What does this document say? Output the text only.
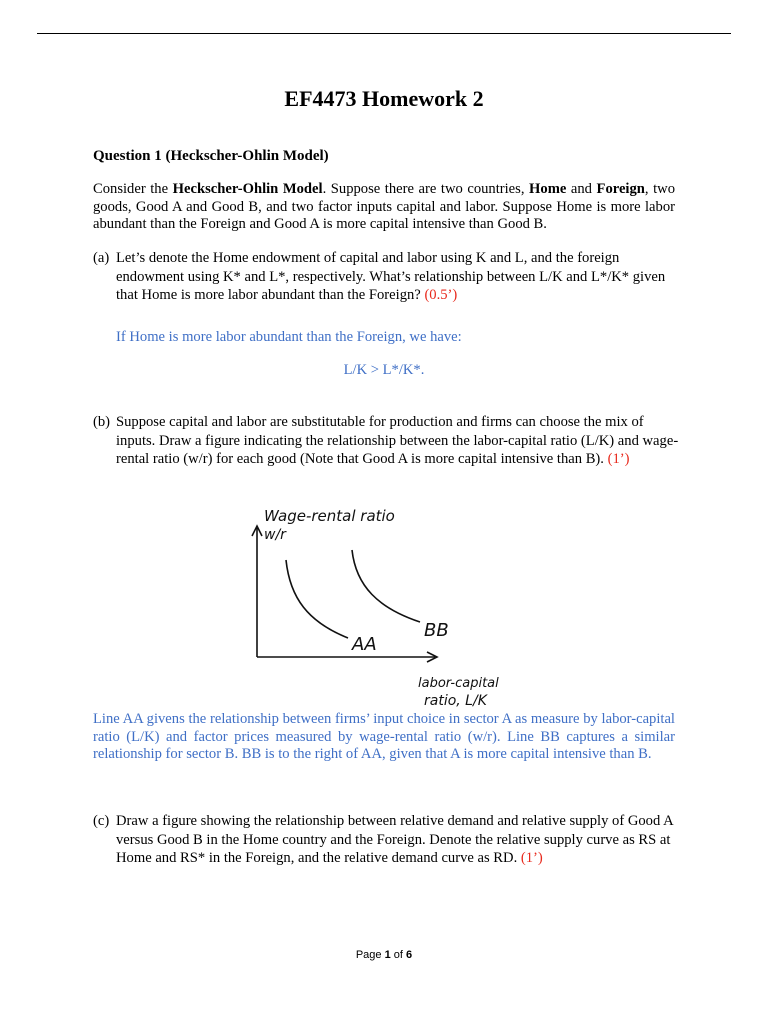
EF4473 Homework 2
Question 1 (Heckscher-Ohlin Model)
Consider the Heckscher-Ohlin Model. Suppose there are two countries, Home and Foreign, two goods, Good A and Good B, and two factor inputs capital and labor. Suppose Home is more labor abundant than the Foreign and Good A is more capital intensive than Good B.
(a) Let’s denote the Home endowment of capital and labor using K and L, and the foreign endowment using K* and L*, respectively. What’s relationship between L/K and L*/K* given that Home is more labor abundant than the Foreign? (0.5’)
If Home is more labor abundant than the Foreign, we have:
L/K > L*/K*.
(b) Suppose capital and labor are substitutable for production and firms can choose the mix of inputs. Draw a figure indicating the relationship between the labor-capital ratio (L/K) and wage-rental ratio (w/r) for each good (Note that Good A is more capital intensive than B). (1’)
Wage-rental ratio
w/r
AA
BB
labor-capital
ratio, L/K
Line AA givens the relationship between firms’ input choice in sector A as measure by labor-capital ratio (L/K) and factor prices measured by wage-rental ratio (w/r). Line BB captures a similar relationship for sector B. BB is to the right of AA, given that A is more capital intensive than B.
(c) Draw a figure showing the relationship between relative demand and relative supply of Good A versus Good B in the Home country and the Foreign. Denote the relative supply curve as RS at Home and RS* in the Foreign, and the relative demand curve as RD. (1’)
Page 1 of 6
